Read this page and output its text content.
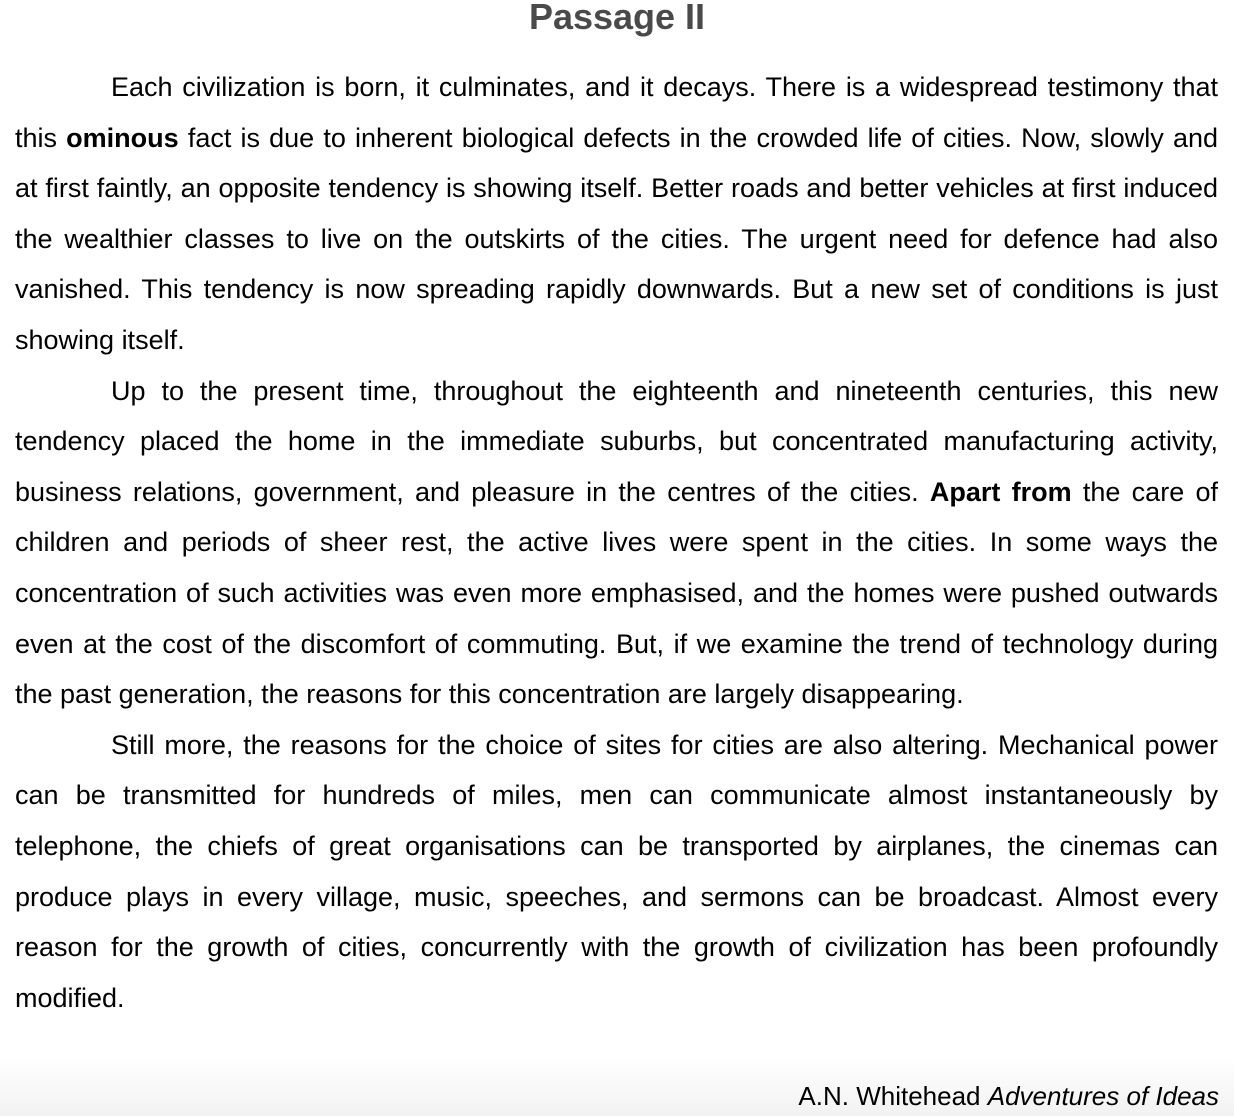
Passage II

Each civilization is born, it culminates, and it decays. There is a widespread testimony that this ominous fact is due to inherent biological defects in the crowded life of cities. Now, slowly and at first faintly, an opposite tendency is showing itself. Better roads and better vehicles at first induced the wealthier classes to live on the outskirts of the cities. The urgent need for defence had also vanished. This tendency is now spreading rapidly downwards. But a new set of conditions is just showing itself.

Up to the present time, throughout the eighteenth and nineteenth centuries, this new tendency placed the home in the immediate suburbs, but concentrated manufacturing activity, business relations, government, and pleasure in the centres of the cities. Apart from the care of children and periods of sheer rest, the active lives were spent in the cities. In some ways the concentration of such activities was even more emphasised, and the homes were pushed outwards even at the cost of the discomfort of commuting. But, if we examine the trend of technology during the past generation, the reasons for this concentration are largely disappearing.

Still more, the reasons for the choice of sites for cities are also altering. Mechanical power can be transmitted for hundreds of miles, men can communicate almost instantaneously by telephone, the chiefs of great organisations can be transported by airplanes, the cinemas can produce plays in every village, music, speeches, and sermons can be broadcast. Almost every reason for the growth of cities, concurrently with the growth of civilization has been profoundly modified.

A.N. Whitehead Adventures of Ideas
